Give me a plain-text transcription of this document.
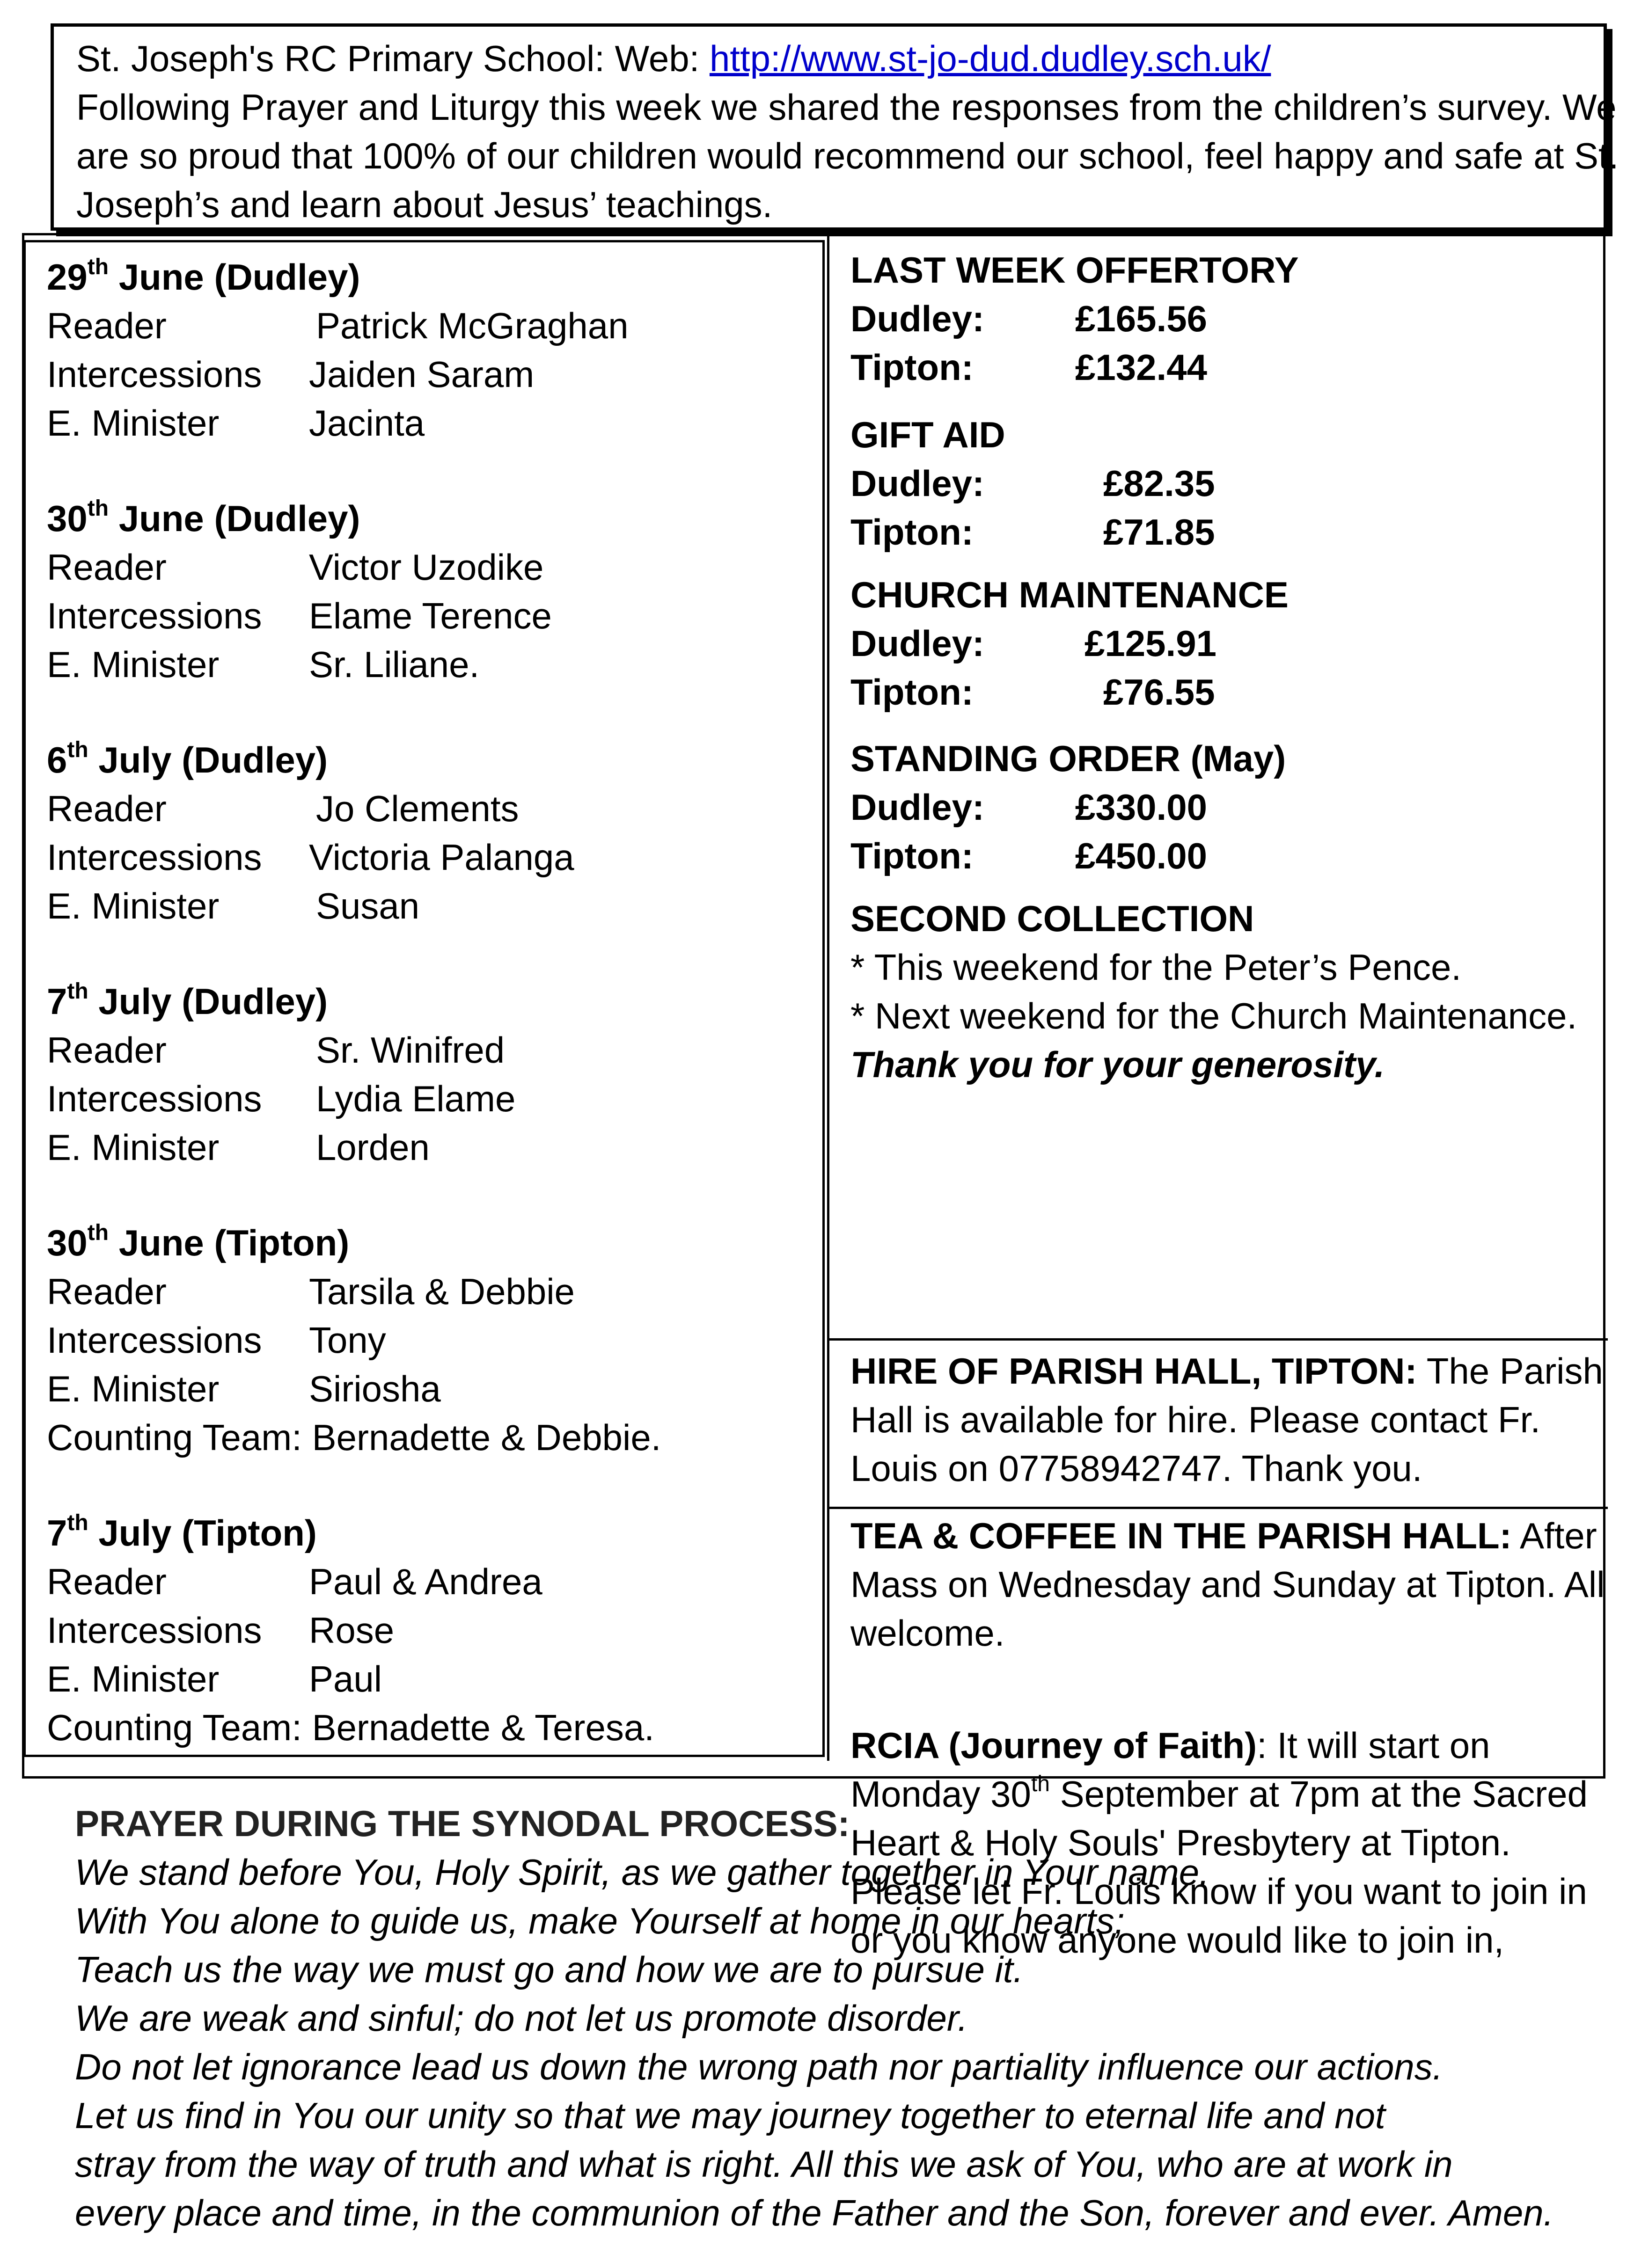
St. Joseph's RC Primary School: Web: http://www.st-jo-dud.dudley.sch.uk/
Following Prayer and Liturgy this week we shared the responses from the children’s survey. We
are so proud that 100% of our children would recommend our school, feel happy and safe at St.
Joseph’s and learn about Jesus’ teachings.
29th June (Dudley)
Reader	Patrick McGraghan
Intercessions Jaiden Saram
E. Minister Jacinta
30th June (Dudley)
Reader	Victor Uzodike
Intercessions Elame Terence
E. Minister Sr. Liliane.
6th July (Dudley)
Reader	Jo Clements
Intercessions Victoria Palanga
E. Minister	Susan
7th July (Dudley)
Reader	Sr. Winifred
Intercessions Lydia Elame
E. Minister	Lorden
30th June (Tipton)
Reader	Tarsila & Debbie
Intercessions Tony
E. Minister Siriosha
Counting Team: Bernadette & Debbie.
7th July (Tipton)
Reader	Paul & Andrea
Intercessions Rose
E. Minister Paul
Counting Team: Bernadette & Teresa.
LAST WEEK OFFERTORY
Dudley: £165.56
Tipton:	£132.44
GIFT AID
Dudley:	£82.35
Tipton:	£71.85
CHURCH MAINTENANCE
Dudley:	£125.91
Tipton:	£76.55
STANDING ORDER (May)
Dudley: £330.00
Tipton:	£450.00
SECOND COLLECTION
* This weekend for the Peter’s Pence.
* Next weekend for the Church Maintenance.
Thank you for your generosity.
HIRE OF PARISH HALL, TIPTON: The Parish
Hall is available for hire. Please contact Fr.
Louis on 07758942747. Thank you.
TEA & COFFEE IN THE PARISH HALL: After
Mass on Wednesday and Sunday at Tipton. All
welcome.
RCIA (Journey of Faith): It will start on
Monday 30th September at 7pm at the Sacred
Heart & Holy Souls' Presbytery at Tipton.
Please let Fr. Louis know if you want to join in
or you know anyone would like to join in,
PRAYER DURING THE SYNODAL PROCESS:
We stand before You, Holy Spirit, as we gather together in Your name.
With You alone to guide us, make Yourself at home in our hearts;
Teach us the way we must go and how we are to pursue it.
We are weak and sinful; do not let us promote disorder.
Do not let ignorance lead us down the wrong path nor partiality influence our actions.
Let us find in You our unity so that we may journey together to eternal life and not
stray from the way of truth and what is right. All this we ask of You, who are at work in
every place and time, in the communion of the Father and the Son, forever and ever. Amen.
